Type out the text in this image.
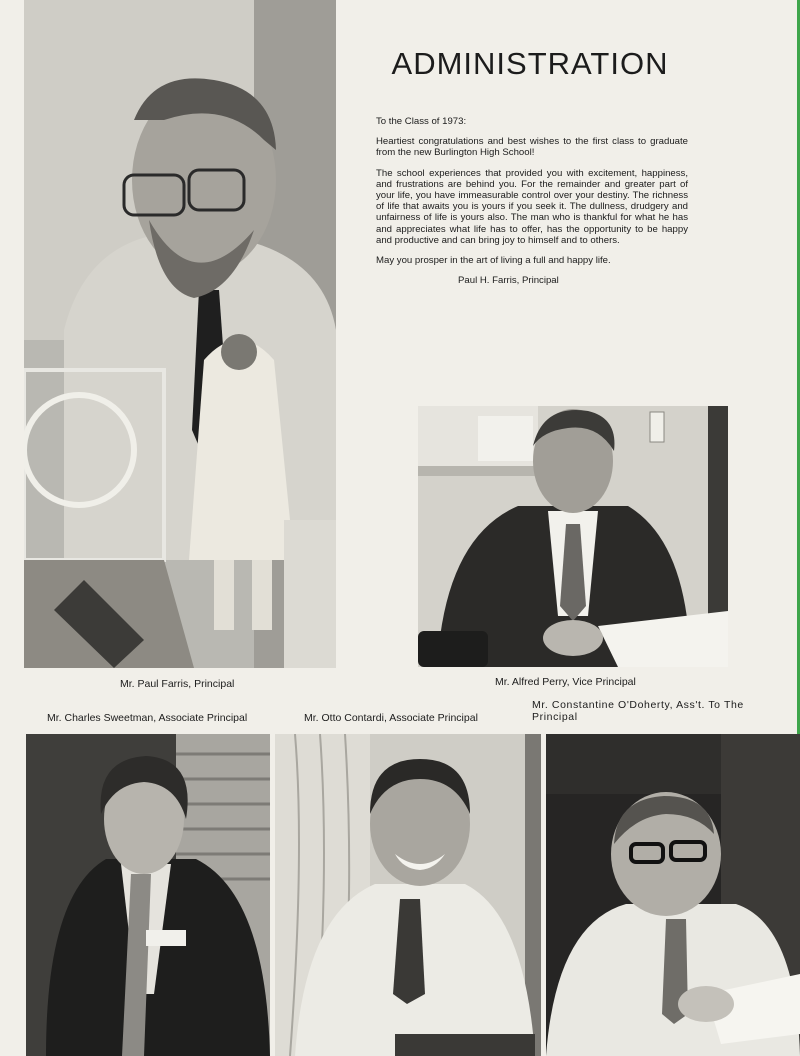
ADMINISTRATION

To the Class of 1973:

Heartiest congratulations and best wishes to the first class to graduate from the new Burlington High School!

The school experiences that provided you with excitement, happiness, and frustrations are behind you. For the remainder and greater part of your life, you have immeasurable control over your destiny. The richness of life that awaits you is yours if you seek it. The dullness, drudgery and unfairness of life is yours also. The man who is thankful for what he has and appreciates what life has to offer, has the opportunity to be happy and productive and can bring joy to himself and to others.

May you prosper in the art of living a full and happy life.

Paul H. Farris, Principal

Mr. Paul Farris, Principal	Mr. Alfred Perry, Vice Principal
Mr. Charles Sweetman, Associate Principal	Mr. Otto Contardi, Associate Principal
Mr. Constantine O'Doherty, Ass't. To The Principal
